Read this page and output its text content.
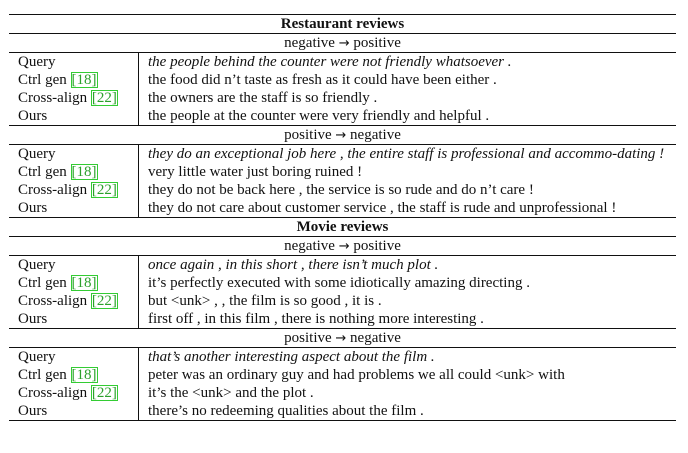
Restaurant reviews
negative → positive
Query	the people behind the counter were not friendly whatsoever .
Ctrl gen [18]	the food did n’t taste as fresh as it could have been either .
Cross-align [22]	the owners are the staff is so friendly .
Ours	the people at the counter were very friendly and helpful .
positive → negative
Query	they do an exceptional job here , the entire staff is professional and accommo-dating !
Ctrl gen [18]	very little water just boring ruined !
Cross-align [22]	they do not be back here , the service is so rude and do n’t care !
Ours	they do not care about customer service , the staff is rude and unprofessional !
Movie reviews
negative → positive
Query	once again , in this short , there isn’t much plot .
Ctrl gen [18]	it’s perfectly executed with some idiotically amazing directing .
Cross-align [22]	but <unk> , , the film is so good , it is .
Ours	first off , in this film , there is nothing more interesting .
positive → negative
Query	that’s another interesting aspect about the film .
Ctrl gen [18]	peter was an ordinary guy and had problems we all could <unk> with
Cross-align [22]	it’s the <unk> and the plot .
Ours	there’s no redeeming qualities about the film .
